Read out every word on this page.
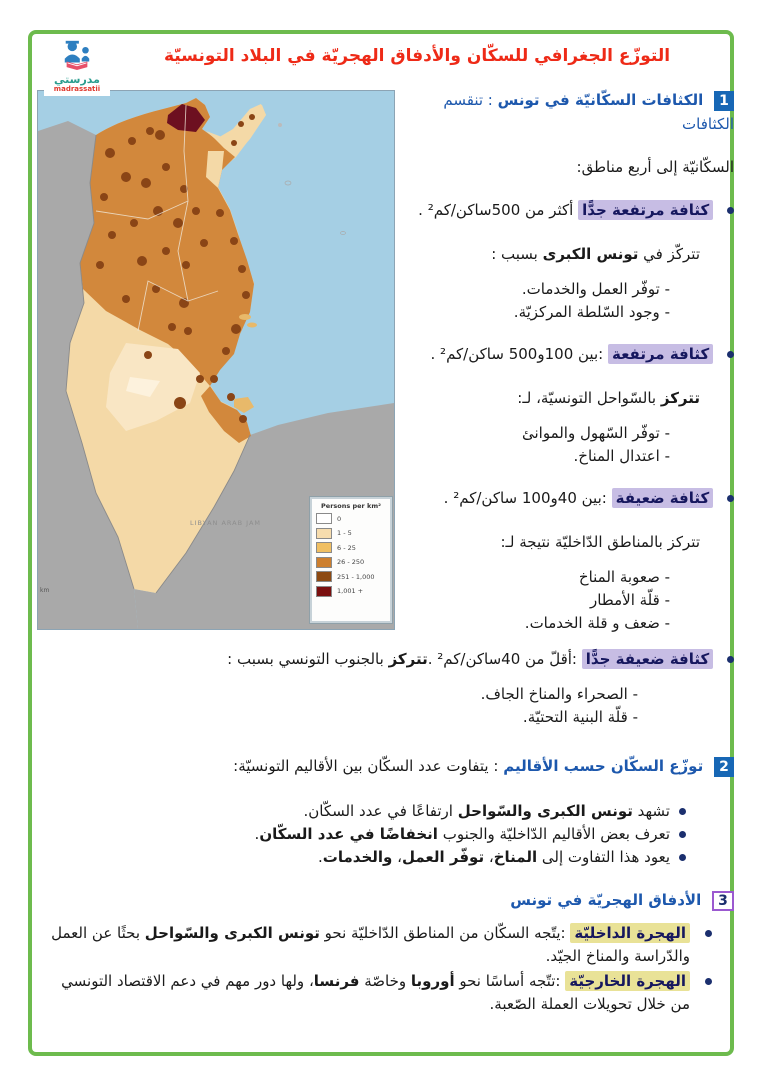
مدرستي
madrassatii
التوزّع الجغرافي للسكّان والأدفاق الهجريّة في البلاد التونسيّة
LIBYAN ARAB JAM
km
Persons per km²
0
1 - 5
6 - 25
26 - 250
251 - 1,000
1,001 +

1 الكثافات السكّانيّة في تونس : تنقسم الكثافات

السكّانيّة إلى أربع مناطق:

كثافة مرتفعة جدًّا أكثر من 500ساكن/كم² .

تتركّز في تونس الكبرى بسبب :

- توفّر العمل والخدمات.

- وجود السّلطة المركزيّة.

كثافة مرتفعة :بين 100و500 ساكن/كم² .

تتركز بالسّواحل التونسيّة، لـ:

- توفّر السّهول والموانئ

- اعتدال المناخ.

كثافة ضعيفة :بين 40و100 ساكن/كم² .

تتركز بالمناطق الدّاخليّة نتيجة لـ:

- صعوبة المناخ

- قلّة الأمطار

- ضعف و قلة الخدمات.

كثافة ضعيفة جدًّا :أقلّ من 40ساكن/كم² .تتركز بالجنوب التونسي بسبب :

- الصحراء والمناخ الجاف.

- قلّة البنية التحتيّة.

2 توزّع السكّان حسب الأقاليم : يتفاوت عدد السكّان بين الأقاليم التونسيّة:

تشهد تونس الكبرى والسّواحل ارتفاعًا في عدد السكّان.

تعرف بعض الأقاليم الدّاخليّة والجنوب انخفاضًا في عدد السكّان.

يعود هذا التفاوت إلى المناخ، توفّر العمل، والخدمات.

3 الأدفاق الهجريّة في تونس

الهجرة الداخليّة :يتّجه السكّان من المناطق الدّاخليّة نحو تونس الكبرى والسّواحل بحثًا عن العمل والدّراسة والمناخ الجيّد.

الهجرة الخارجيّة :تتّجه أساسًا نحو أوروبا وخاصّة فرنسا، ولها دور مهم في دعم الاقتصاد التونسي من خلال تحويلات العملة الصّعبة.
